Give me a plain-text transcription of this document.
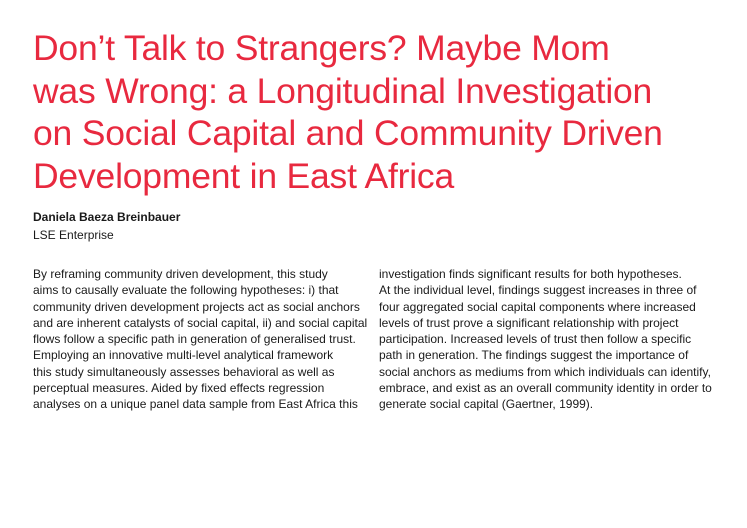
Don’t Talk to Strangers? Maybe Mom
was Wrong: a Longitudinal Investigation
on Social Capital and Community Driven
Development in East Africa
Daniela Baeza Breinbauer
LSE Enterprise
By reframing community driven development, this study
aims to causally evaluate the following hypotheses: i) that
community driven development projects act as social anchors
and are inherent catalysts of social capital, ii) and social capital
flows follow a specific path in generation of generalised trust.
Employing an innovative multi-level analytical framework
this study simultaneously assesses behavioral as well as
perceptual measures. Aided by fixed effects regression
analyses on a unique panel data sample from East Africa this
investigation finds significant results for both hypotheses.
At the individual level, findings suggest increases in three of
four aggregated social capital components where increased
levels of trust prove a significant relationship with project
participation. Increased levels of trust then follow a specific
path in generation. The findings suggest the importance of
social anchors as mediums from which individuals can identify,
embrace, and exist as an overall community identity in order to
generate social capital (Gaertner, 1999).
